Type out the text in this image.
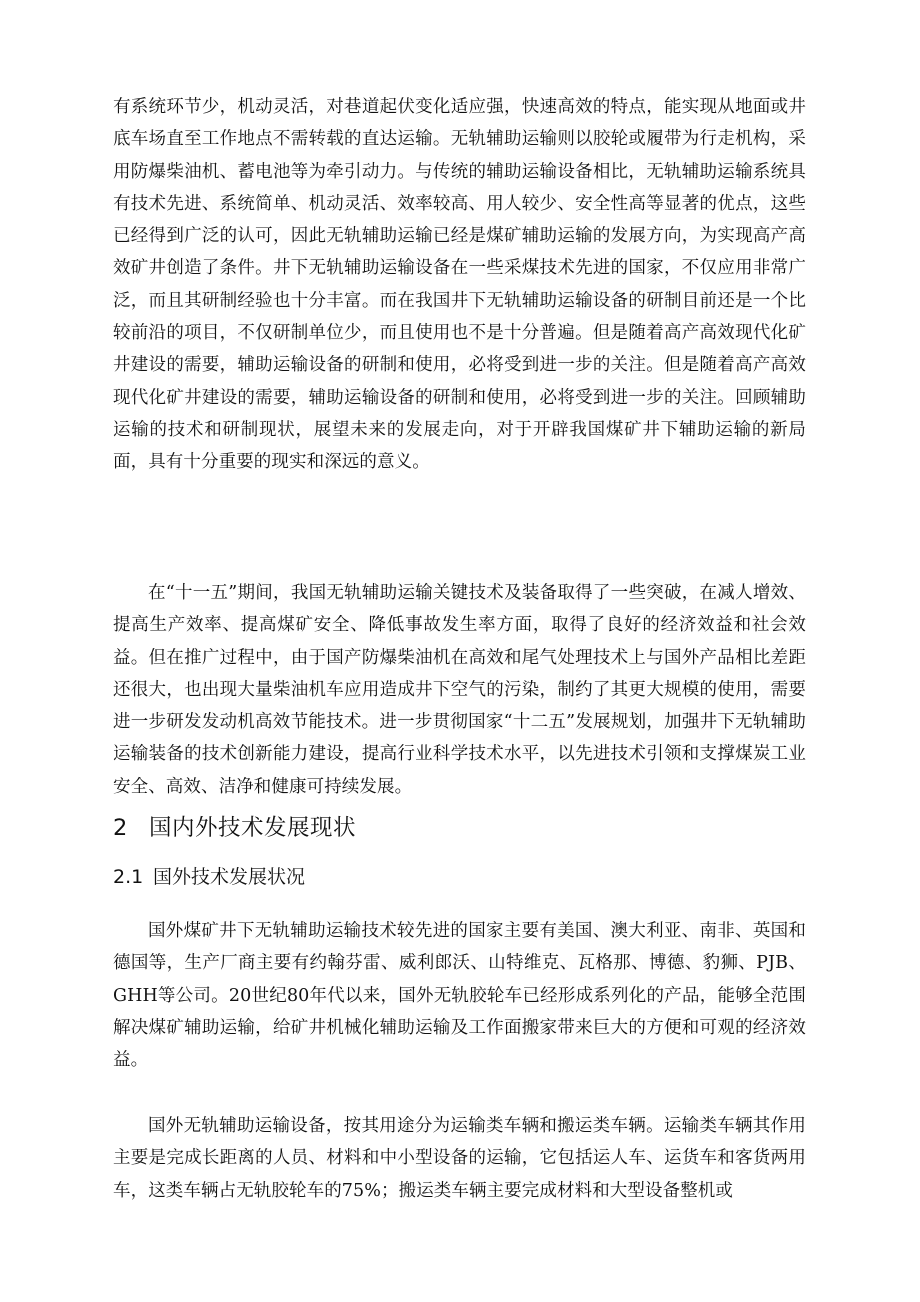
有系统环节少，机动灵活，对巷道起伏变化适应强，快速高效的特点，能实现从地面或井底车场直至工作地点不需转载的直达运输。无轨辅助运输则以胶轮或履带为行走机构，采用防爆柴油机、蓄电池等为牵引动力。与传统的辅助运输设备相比，无轨辅助运输系统具有技术先进、系统简单、机动灵活、效率较高、用人较少、安全性高等显著的优点，这些已经得到广泛的认可，因此无轨辅助运输已经是煤矿辅助运输的发展方向，为实现高产高效矿井创造了条件。井下无轨辅助运输设备在一些采煤技术先进的国家，不仅应用非常广泛，而且其研制经验也十分丰富。而在我国井下无轨辅助运输设备的研制目前还是一个比较前沿的项目，不仅研制单位少，而且使用也不是十分普遍。但是随着高产高效现代化矿井建设的需要，辅助运输设备的研制和使用，必将受到进一步的关注。但是随着高产高效现代化矿井建设的需要，辅助运输设备的研制和使用，必将受到进一步的关注。回顾辅助运输的技术和研制现状，展望未来的发展走向，对于开辟我国煤矿井下辅助运输的新局面，具有十分重要的现实和深远的意义。

在“十一五”期间，我国无轨辅助运输关键技术及装备取得了一些突破，在减人增效、提高生产效率、提高煤矿安全、降低事故发生率方面，取得了良好的经济效益和社会效益。但在推广过程中，由于国产防爆柴油机在高效和尾气处理技术上与国外产品相比差距还很大，也出现大量柴油机车应用造成井下空气的污染，制约了其更大规模的使用，需要进一步研发发动机高效节能技术。进一步贯彻国家“十二五”发展规划，加强井下无轨辅助运输装备的技术创新能力建设，提高行业科学技术水平，以先进技术引领和支撑煤炭工业安全、高效、洁净和健康可持续发展。

2 国内外技术发展现状
2.1 国外技术发展状况

国外煤矿井下无轨辅助运输技术较先进的国家主要有美国、澳大利亚、南非、英国和德国等，生产厂商主要有约翰芬雷、威利郎沃、山特维克、瓦格那、博德、豹狮、PJB、GHH等公司。20世纪80年代以来，国外无轨胶轮车已经形成系列化的产品，能够全范围解决煤矿辅助运输，给矿井机械化辅助运输及工作面搬家带来巨大的方便和可观的经济效益。

国外无轨辅助运输设备，按其用途分为运输类车辆和搬运类车辆。运输类车辆其作用主要是完成长距离的人员、材料和中小型设备的运输，它包括运人车、运货车和客货两用车，这类车辆占无轨胶轮车的75%；搬运类车辆主要完成材料和大型设备整机或
